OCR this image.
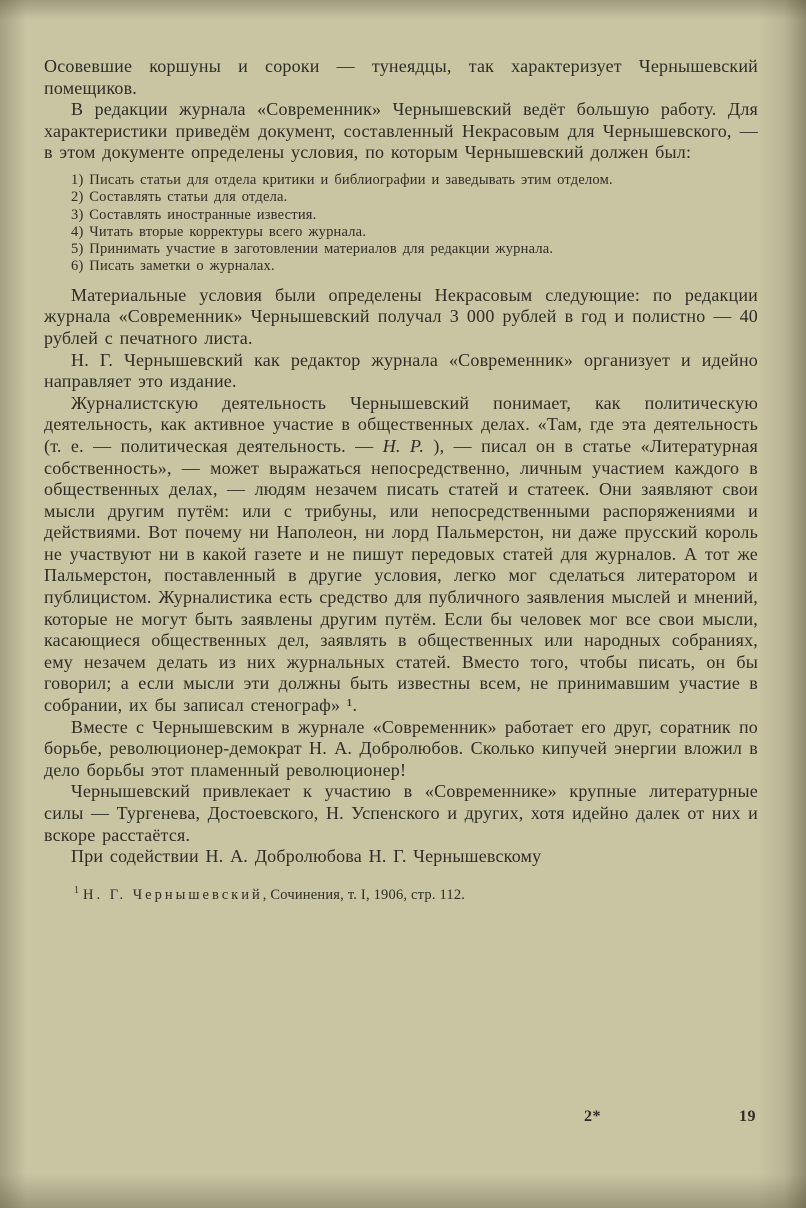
Осовевшие коршуны и сороки — тунеядцы, так характеризует Чернышевский помещиков.

В редакции журнала «Современник» Чернышевский ведёт большую работу. Для характеристики приведём документ, составленный Некрасовым для Чернышевского, — в этом документе определены условия, по которым Чернышевский должен был:

1) Писать статьи для отдела критики и библиографии и заведывать этим отделом.

2) Составлять статьи для отдела.

3) Составлять иностранные известия.

4) Читать вторые корректуры всего журнала.

5) Принимать участие в заготовлении материалов для редакции журнала.

6) Писать заметки о журналах.

Материальные условия были определены Некрасовым следующие: по редакции журнала «Современник» Чернышевский получал 3 000 рублей в год и полистно — 40 рублей с печатного листа.

Н. Г. Чернышевский как редактор журнала «Современник» организует и идейно направляет это издание.

Журналистскую деятельность Чернышевский понимает, как политическую деятельность, как активное участие в общественных делах. «Там, где эта деятельность (т. е. — политическая деятельность. — Н. Р. ), — писал он в статье «Литературная собственность», — может выражаться непосредственно, личным участием каждого в общественных делах, — людям незачем писать статей и статеек. Они заявляют свои мысли другим путём: или с трибуны, или непосредственными распоряжениями и действиями. Вот почему ни Наполеон, ни лорд Пальмерстон, ни даже прусский король не участвуют ни в какой газете и не пишут передовых статей для журналов. А тот же Пальмерстон, поставленный в другие условия, легко мог сделаться литератором и публицистом. Журналистика есть средство для публичного заявления мыслей и мнений, которые не могут быть заявлены другим путём. Если бы человек мог все свои мысли, касающиеся общественных дел, заявлять в общественных или народных собраниях, ему незачем делать из них журнальных статей. Вместо того, чтобы писать, он бы говорил; а если мысли эти должны быть известны всем, не принимавшим участие в собрании, их бы записал стенограф» ¹.

Вместе с Чернышевским в журнале «Современник» работает его друг, соратник по борьбе, революционер-демократ Н. А. Добролюбов. Сколько кипучей энергии вложил в дело борьбы этот пламенный революционер!

Чернышевский привлекает к участию в «Современнике» крупные литературные силы — Тургенева, Достоевского, Н. Успенского и других, хотя идейно далек от них и вскоре расстаётся.

При содействии Н. А. Добролюбова Н. Г. Чернышевскому

$^1$ Н. Г. Чернышевский, Сочинения, т. I, 1906, стр. 112.
2*	19
